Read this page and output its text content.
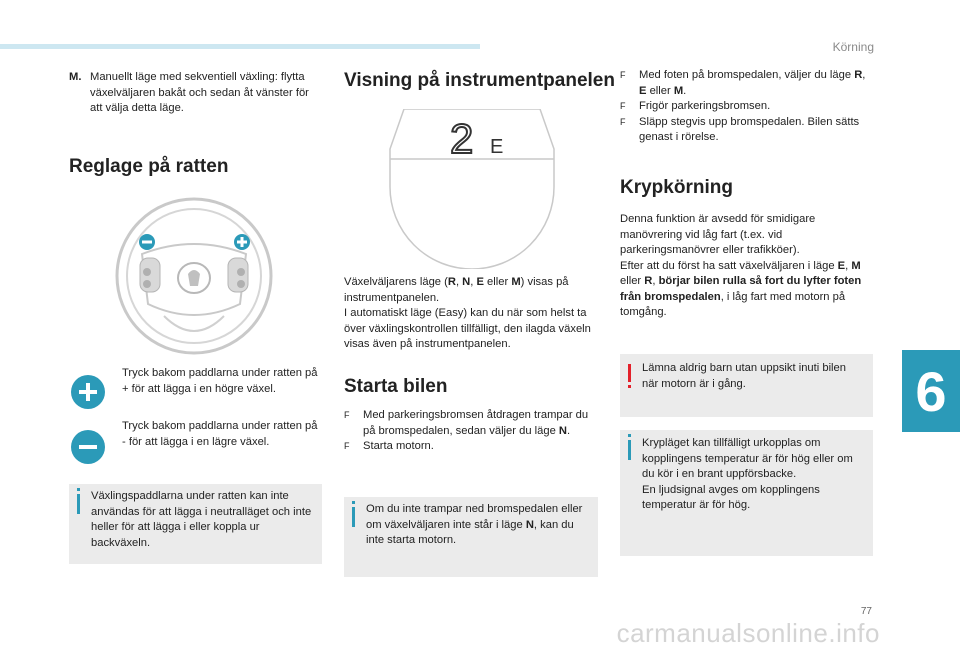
Körning
6
77
carmanualsonline.info
M. Manuellt läge med sekventiell växling: flytta växelväljaren bakåt och sedan åt vänster för att välja detta läge.

Reglage på ratten

Tryck bakom paddlarna under ratten på + för att lägga i en högre växel.

Tryck bakom paddlarna under ratten på - för att lägga i en lägre växel.

Växlingspaddlarna under ratten kan inte användas för att lägga i neutralläget och inte heller för att lägga i eller koppla ur backväxeln.

Visning på instrumentpanelen
2 E

Växelväljarens läge (R, N, E eller M) visas på instrumentpanelen.

I automatiskt läge (Easy) kan du när som helst ta över växlingskontrollen tillfälligt, den ilagda växeln visas även på instrumentpanelen.

Starta bilen
F Med parkeringsbromsen åtdragen trampar du på bromspedalen, sedan väljer du läge N.
F Starta motorn.

Om du inte trampar ned bromspedalen eller om växelväljaren inte står i läge N, kan du inte starta motorn.

F Med foten på bromspedalen, väljer du läge R, E eller M.
F Frigör parkeringsbromsen.
F Släpp stegvis upp bromspedalen. Bilen sätts genast i rörelse.
Krypkörning

Denna funktion är avsedd för smidigare manövrering vid låg fart (t.ex. vid parkeringsmanövrer eller trafikköer).

Efter att du först ha satt växelväljaren i läge E, M eller R, börjar bilen rulla så fort du lyfter foten från bromspedalen, i låg fart med motorn på tomgång.

Lämna aldrig barn utan uppsikt inuti bilen när motorn är i gång.

Krypläget kan tillfälligt urkopplas om kopplingens temperatur är för hög eller om du kör i en brant uppförsbacke.

En ljudsignal avges om kopplingens temperatur är för hög.
